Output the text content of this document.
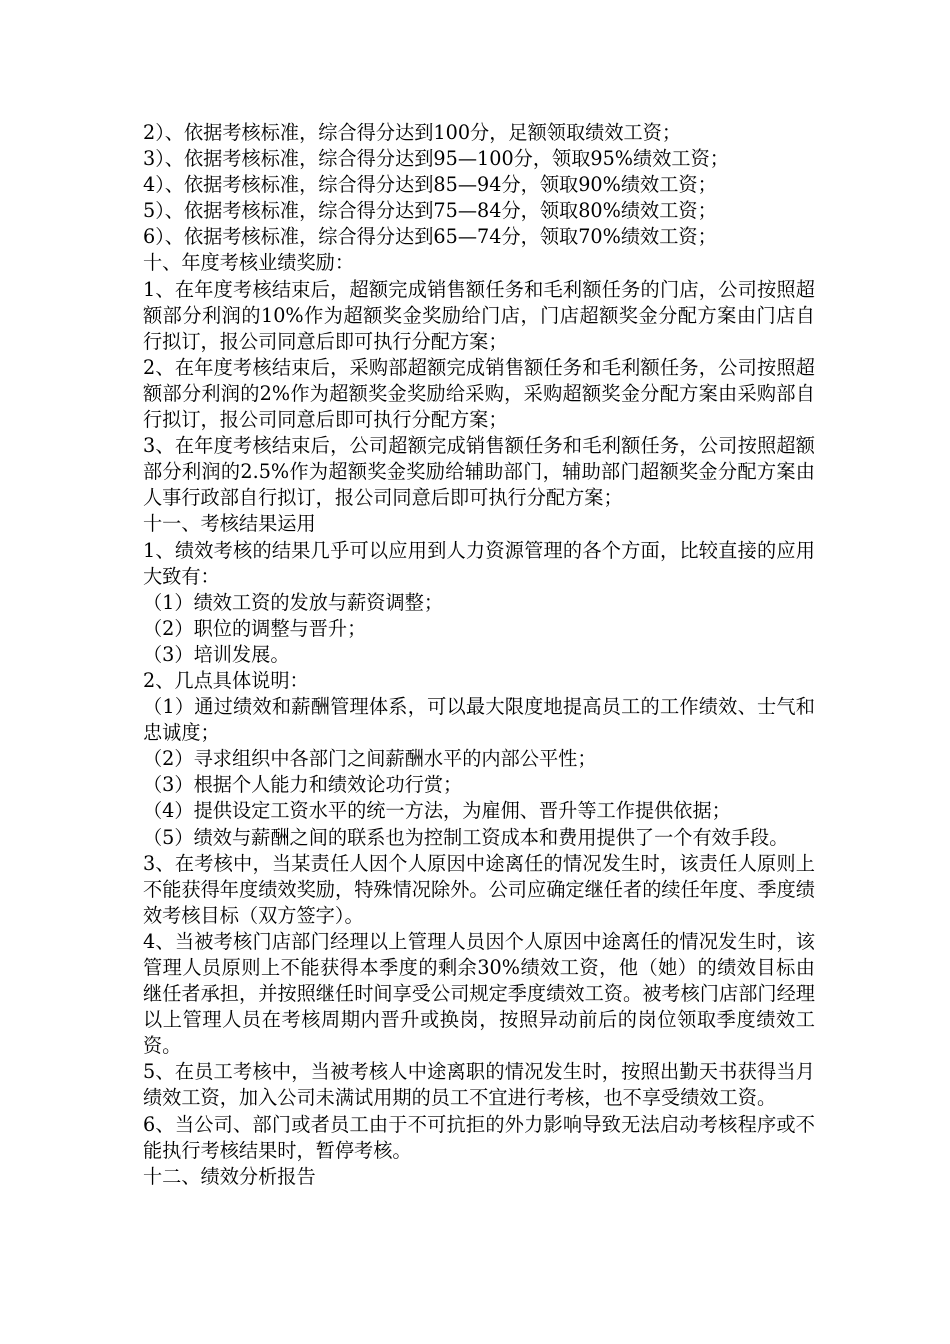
2）、依据考核标准，综合得分达到100分，足额领取绩效工资；

3）、依据考核标准，综合得分达到95—100分，领取95%绩效工资；

4）、依据考核标准，综合得分达到85—94分，领取90%绩效工资；

5）、依据考核标准，综合得分达到75—84分，领取80%绩效工资；

6）、依据考核标准，综合得分达到65—74分，领取70%绩效工资；

十、年度考核业绩奖励：

1、在年度考核结束后，超额完成销售额任务和毛利额任务的门店，公司按照超额部分利润的10%作为超额奖金奖励给门店，门店超额奖金分配方案由门店自行拟订，报公司同意后即可执行分配方案；

2、在年度考核结束后，采购部超额完成销售额任务和毛利额任务，公司按照超额部分利润的2%作为超额奖金奖励给采购，采购超额奖金分配方案由采购部自行拟订，报公司同意后即可执行分配方案；

3、在年度考核结束后，公司超额完成销售额任务和毛利额任务，公司按照超额部分利润的2.5%作为超额奖金奖励给辅助部门，辅助部门超额奖金分配方案由人事行政部自行拟订，报公司同意后即可执行分配方案；

十一、考核结果运用

1、绩效考核的结果几乎可以应用到人力资源管理的各个方面，比较直接的应用大致有：

（1）绩效工资的发放与薪资调整；

（2）职位的调整与晋升；

（3）培训发展。

2、几点具体说明：

（1）通过绩效和薪酬管理体系，可以最大限度地提高员工的工作绩效、士气和忠诚度；

（2）寻求组织中各部门之间薪酬水平的内部公平性；

（3）根据个人能力和绩效论功行赏；

（4）提供设定工资水平的统一方法，为雇佣、晋升等工作提供依据；

（5）绩效与薪酬之间的联系也为控制工资成本和费用提供了一个有效手段。

3、在考核中，当某责任人因个人原因中途离任的情况发生时，该责任人原则上不能获得年度绩效奖励，特殊情况除外。公司应确定继任者的续任年度、季度绩效考核目标（双方签字）。

4、当被考核门店部门经理以上管理人员因个人原因中途离任的情况发生时，该管理人员原则上不能获得本季度的剩余30%绩效工资，他（她）的绩效目标由继任者承担，并按照继任时间享受公司规定季度绩效工资。被考核门店部门经理以上管理人员在考核周期内晋升或换岗，按照异动前后的岗位领取季度绩效工资。

5、在员工考核中，当被考核人中途离职的情况发生时，按照出勤天书获得当月绩效工资，加入公司未满试用期的员工不宜进行考核，也不享受绩效工资。

6、当公司、部门或者员工由于不可抗拒的外力影响导致无法启动考核程序或不能执行考核结果时，暂停考核。

十二、绩效分析报告
